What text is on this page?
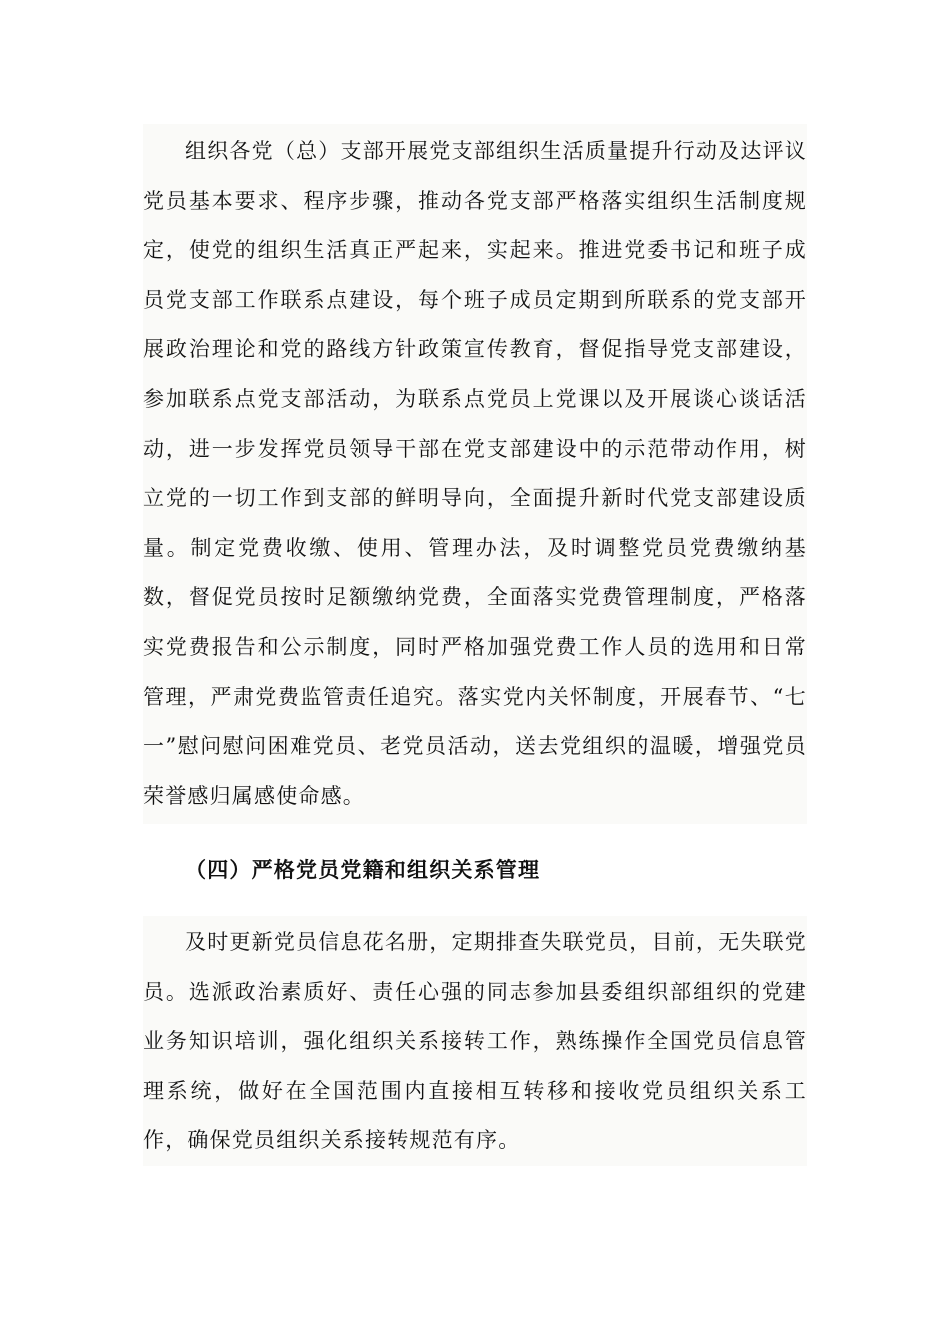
组织各党（总）支部开展党支部组织生活质量提升行动及达评议党员基本要求、程序步骤，推动各党支部严格落实组织生活制度规定，使党的组织生活真正严起来，实起来。推进党委书记和班子成员党支部工作联系点建设，每个班子成员定期到所联系的党支部开展政治理论和党的路线方针政策宣传教育，督促指导党支部建设，参加联系点党支部活动，为联系点党员上党课以及开展谈心谈话活动，进一步发挥党员领导干部在党支部建设中的示范带动作用，树立党的一切工作到支部的鲜明导向，全面提升新时代党支部建设质量。制定党费收缴、使用、管理办法，及时调整党员党费缴纳基数，督促党员按时足额缴纳党费，全面落实党费管理制度，严格落实党费报告和公示制度，同时严格加强党费工作人员的选用和日常管理，严肃党费监管责任追究。落实党内关怀制度，开展春节、“七一”慰问慰问困难党员、老党员活动，送去党组织的温暖，增强党员荣誉感归属感使命感。

（四）严格党员党籍和组织关系管理

及时更新党员信息花名册，定期排查失联党员，目前，无失联党员。选派政治素质好、责任心强的同志参加县委组织部组织的党建业务知识培训，强化组织关系接转工作，熟练操作全国党员信息管理系统，做好在全国范围内直接相互转移和接收党员组织关系工作，确保党员组织关系接转规范有序。
